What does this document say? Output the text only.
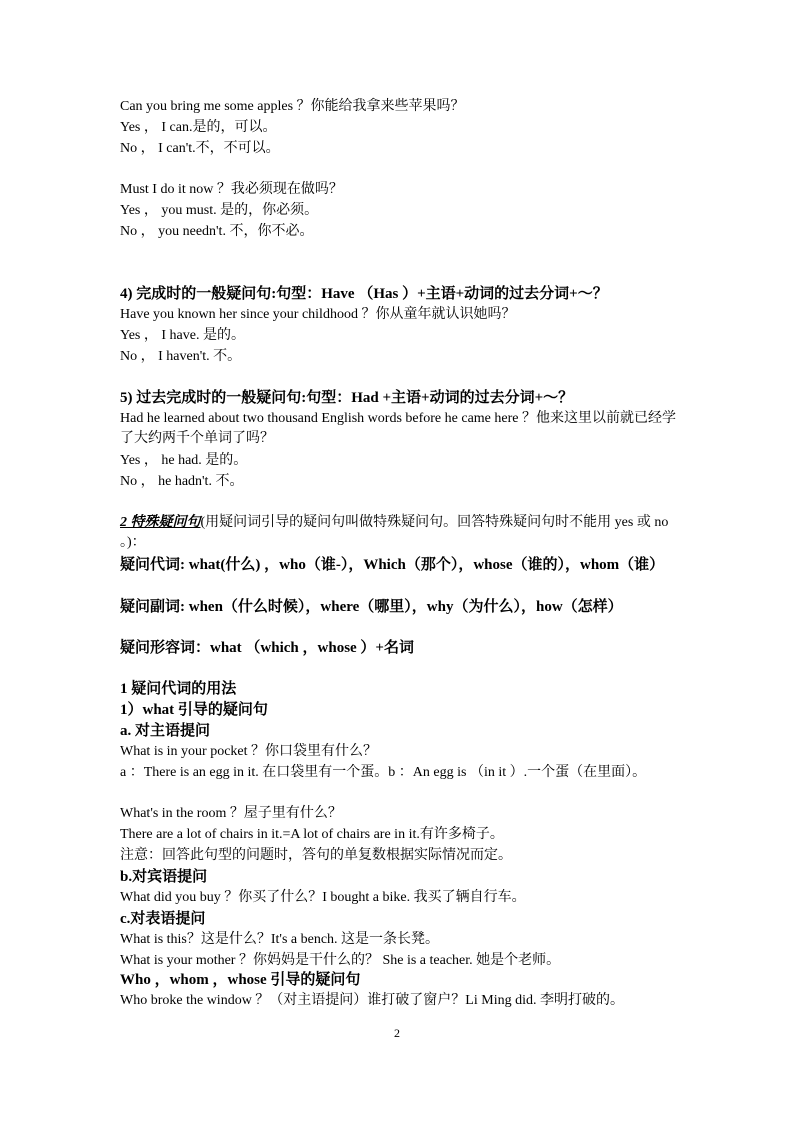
Can you bring me some apples ？你能给我拿来些苹果吗？
Yes ， I can.是的，可以。
No ， I can't.不，不可以。
Must I do it now ？我必须现在做吗？
Yes ， you must. 是的，你必须。
No ， you needn't. 不，你不必。
4) 完成时的一般疑问句:句型：Have （Has ）+主语+动词的过去分词+～？
Have you known her since your childhood ？你从童年就认识她吗？
Yes ， I have. 是的。
No ， I haven't. 不。
5) 过去完成时的一般疑问句:句型：Had +主语+动词的过去分词+～？
Had he learned about two thousand English words before he came here ？他来这里以前就已经学了大约两千个单词了吗？
Yes ， he had. 是的。
No ， he hadn't. 不。
2 特殊疑问句(用疑问词引导的疑问句叫做特殊疑问句。回答特殊疑问句时不能用 yes 或 no 。)：
疑问代词: what(什么) ，who（谁-），Which（那个），whose（谁的），whom（谁）
疑问副词: when（什么时候），where（哪里），why（为什么），how（怎样）
疑问形容词：what （which ，whose ）+名词
1 疑问代词的用法
1）what 引导的疑问句
a. 对主语提问
What is in your pocket ？你口袋里有什么？
a ：There is an egg in it. 在口袋里有一个蛋。b ：An egg is （in it ）.一个蛋（在里面）。
What's in the room ？屋子里有什么？
There are a lot of chairs in it.=A lot of chairs are in it.有许多椅子。
注意：回答此句型的问题时，答句的单复数根据实际情况而定。
b.对宾语提问
What did you buy ？你买了什么？I bought a bike. 我买了辆自行车。
c.对表语提问
What is this？这是什么？It's a bench. 这是一条长凳。
What is your mother ？你妈妈是干什么的？ She is a teacher. 她是个老师。
Who ，whom ，whose 引导的疑问句
Who broke the window ？（对主语提问）谁打破了窗户？Li Ming did. 李明打破的。
2
